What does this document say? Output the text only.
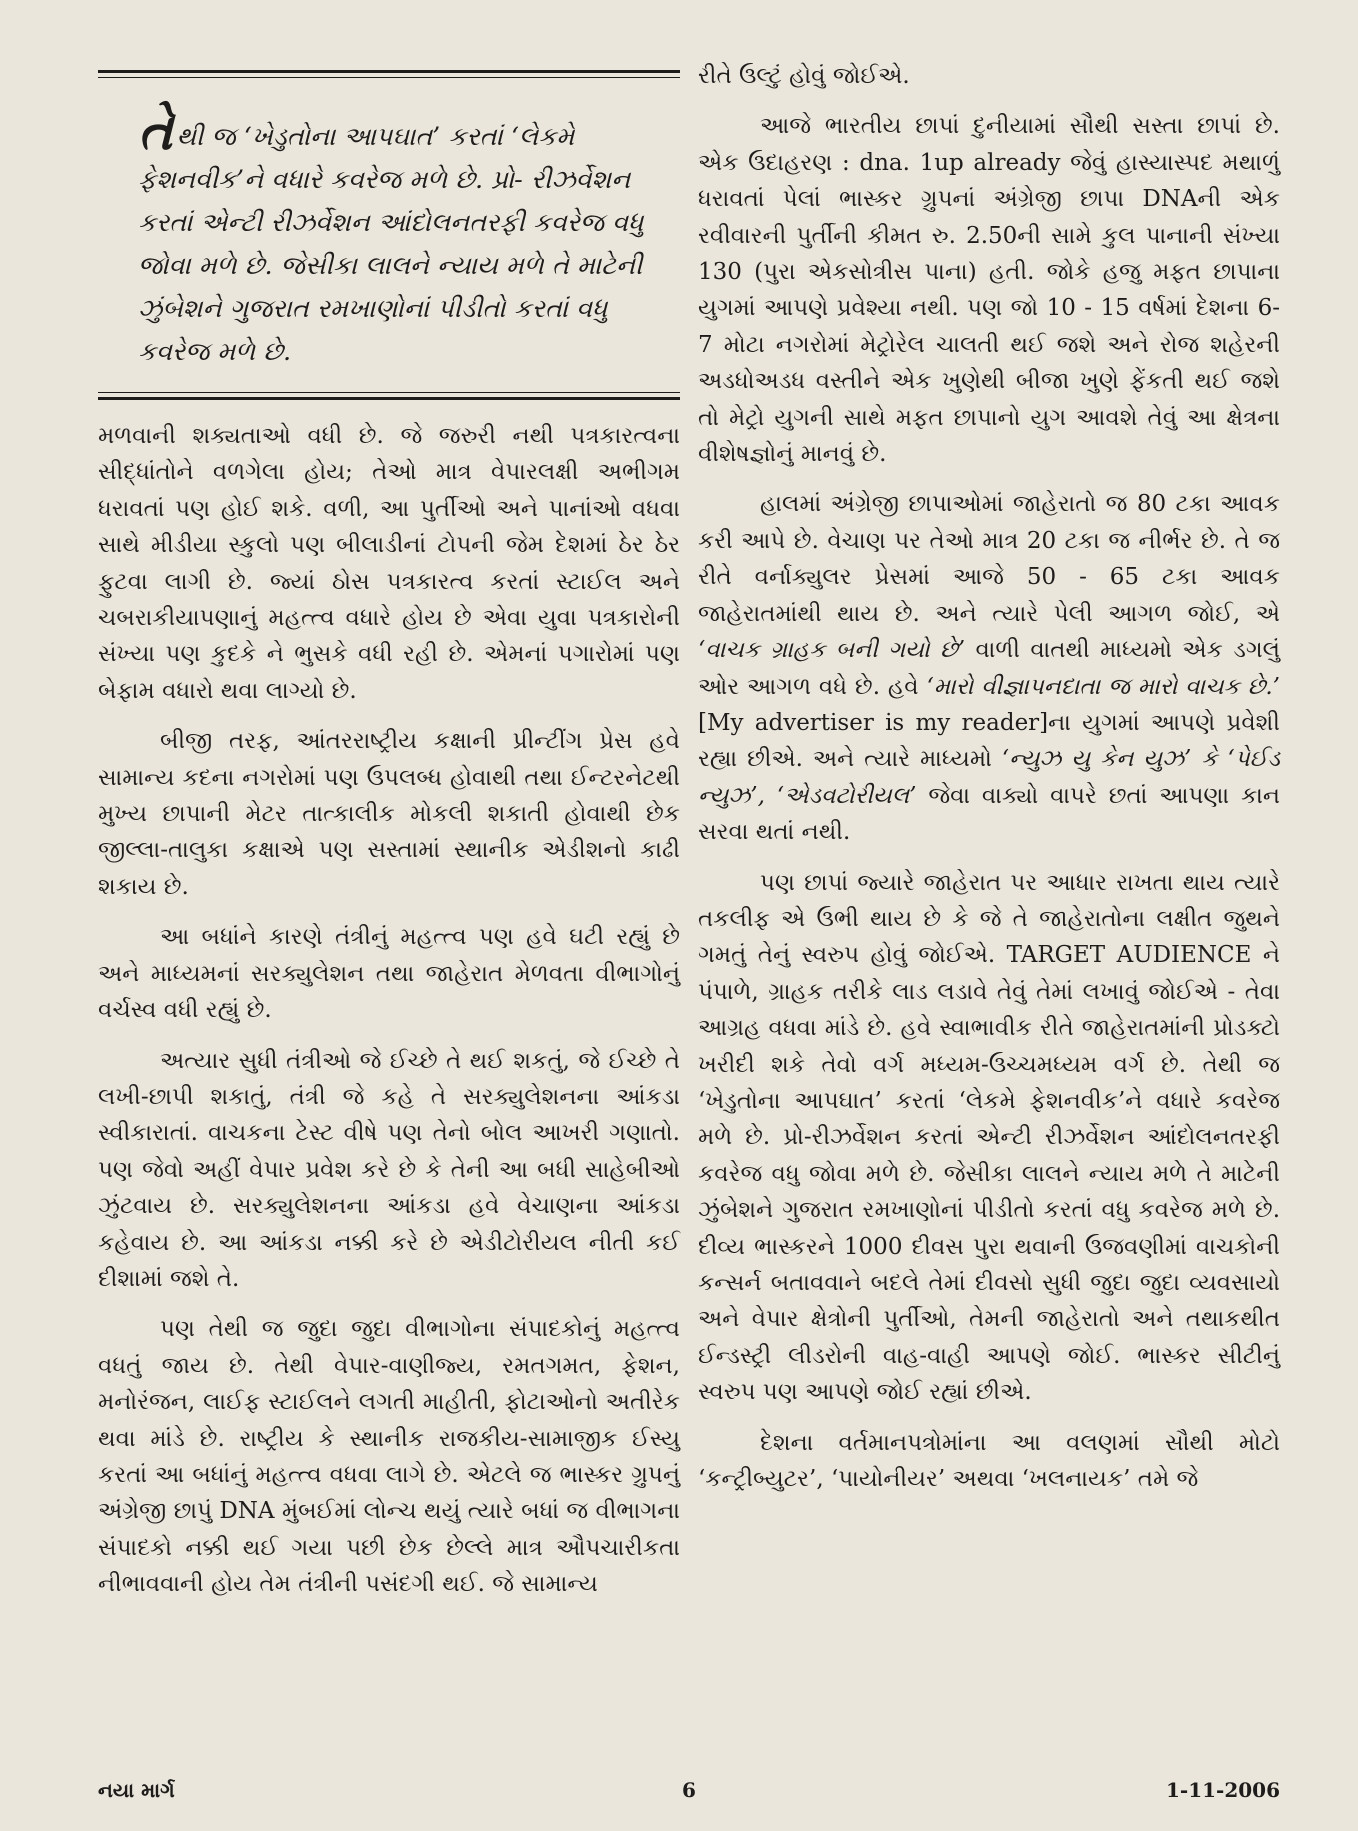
તેથી જ ‘ખેડુતોના આપઘાત’ કરતાં ‘લેકમે ફેશનવીક’ને વધારે કવરેજ મળે છે. પ્રો- રીઝર્વેશન કરતાં એન્ટી રીઝર્વેશન આંદોલનતરફી કવરેજ વધુ જોવા મળે છે. જેસીકા લાલને ન્યાય મળે તે માટેની ઝુંબેશને ગુજરાત રમખાણોનાં પીડીતો કરતાં વધુ કવરેજ મળે છે.

મળવાની શક્યતાઓ વધી છે. જે જરુરી નથી પત્રકારત્વના સીદ્ધાંતોને વળગેલા હોય; તેઓ માત્ર વેપારલક્ષી અભીગમ ધરાવતાં પણ હોઈ શકે. વળી, આ પુર્તીઓ અને પાનાંઓ વધવા સાથે મીડીયા સ્કુલો પણ બીલાડીનાં ટોપની જેમ દેશમાં ઠેર ઠેર ફુટવા લાગી છે. જ્યાં ઠોસ પત્રકારત્વ કરતાં સ્ટાઈલ અને ચબરાકીયાપણાનું મહત્ત્વ વધારે હોય છે એવા યુવા પત્રકારોની સંખ્યા પણ કુદકે ને ભુસકે વધી રહી છે. એમનાં પગારોમાં પણ બેફામ વધારો થવા લાગ્યો છે.

બીજી તરફ, આંતરરાષ્ટ્રીય કક્ષાની પ્રીન્ટીંગ પ્રેસ હવે સામાન્ય કદના નગરોમાં પણ ઉપલબ્ધ હોવાથી તથા ઈન્ટરનેટથી મુખ્ય છાપાની મેટર તાત્કાલીક મોકલી શકાતી હોવાથી છેક જીલ્લા-તાલુકા કક્ષાએ પણ સસ્તામાં સ્થાનીક એડીશનો કાઢી શકાય છે.

આ બધાંને કારણે તંત્રીનું મહત્ત્વ પણ હવે ઘટી રહ્યું છે અને માધ્યમનાં સરક્યુલેશન તથા જાહેરાત મેળવતા વીભાગોનું વર્ચસ્વ વધી રહ્યું છે.

અત્યાર સુધી તંત્રીઓ જે ઈચ્છે તે થઈ શકતું, જે ઈચ્છે તે લખી-છાપી શકાતું, તંત્રી જે કહે તે સરક્યુલેશનના આંકડા સ્વીકારાતાં. વાચકના ટેસ્ટ વીષે પણ તેનો બોલ આખરી ગણાતો. પણ જેવો અહીં વેપાર પ્રવેશ કરે છે કે તેની આ બધી સાહેબીઓ ઝુંટવાય છે. સરક્યુલેશનના આંકડા હવે વેચાણના આંકડા કહેવાય છે. આ આંકડા નક્કી કરે છે એડીટોરીયલ નીતી કઈ દીશામાં જશે તે.

પણ તેથી જ જુદા જુદા વીભાગોના સંપાદકોનું મહત્ત્વ વધતું જાય છે. તેથી વેપાર-વાણીજ્ય, રમતગમત, ફેશન, મનોરંજન, લાઈફ સ્ટાઈલને લગતી માહીતી, ફોટાઓનો અતીરેક થવા માંડે છે. રાષ્ટ્રીય કે સ્થાનીક રાજકીય-સામાજીક ઈસ્યુ કરતાં આ બધાંનું મહત્ત્વ વધવા લાગે છે. એટલે જ ભાસ્કર ગ્રુપનું અંગ્રેજી છાપું DNA મુંબઈમાં લોન્ચ થયું ત્યારે બધાં જ વીભાગના સંપાદકો નક્કી થઈ ગયા પછી છેક છેલ્લે માત્ર ઔપચારીકતા નીભાવવાની હોય તેમ તંત્રીની પસંદગી થઈ. જે સામાન્ય

રીતે ઉલ્ટું હોવું જોઈએ.

આજે ભારતીય છાપાં દુનીયામાં સૌથી સસ્તા છાપાં છે. એક ઉદાહરણ : dna. 1up already જેવું હાસ્યાસ્પદ મથાળું ધરાવતાં પેલાં ભાસ્કર ગ્રુપનાં અંગ્રેજી છાપા DNAની એક રવીવારની પુર્તીની કીમત રુ. 2.50ની સામે કુલ પાનાની સંખ્યા 130 (પુરા એકસોત્રીસ પાના) હતી. જોકે હજુ મફત છાપાના યુગમાં આપણે પ્રવેશ્યા નથી. પણ જો 10 - 15 વર્ષમાં દેશના 6-7 મોટા નગરોમાં મેટ્રોરેલ ચાલતી થઈ જશે અને રોજ શહેરની અડધોઅડધ વસ્તીને એક ખુણેથી બીજા ખુણે ફેંકતી થઈ જશે તો મેટ્રો યુગની સાથે મફત છાપાનો યુગ આવશે તેવું આ ક્ષેત્રના વીશેષજ્ઞોનું માનવું છે.

હાલમાં અંગ્રેજી છાપાઓમાં જાહેરાતો જ 80 ટકા આવક કરી આપે છે. વેચાણ પર તેઓ માત્ર 20 ટકા જ નીર્ભર છે. તે જ રીતે વર્નાક્યુલર પ્રેસમાં આજે 50 - 65 ટકા આવક જાહેરાતમાંથી થાય છે. અને ત્યારે પેલી આગળ જોઈ, એ ‘વાચક ગ્રાહક બની ગયો છે’ વાળી વાતથી માધ્યમો એક ડગલું ઓર આગળ વધે છે. હવે ‘મારો વીજ્ઞાપનદાતા જ મારો વાચક છે.’ [My advertiser is my reader]ના યુગમાં આપણે પ્રવેશી રહ્યા છીએ. અને ત્યારે માધ્યમો ‘ન્યુઝ યુ કેન યુઝ’ કે ‘પેઈડ ન્યુઝ’, ‘એડવટોરીયલ’ જેવા વાક્યો વાપરે છતાં આપણા કાન સરવા થતાં નથી.

પણ છાપાં જ્યારે જાહેરાત પર આધાર રાખતા થાય ત્યારે તકલીફ એ ઉભી થાય છે કે જે તે જાહેરાતોના લક્ષીત જુથને ગમતું તેનું સ્વરુપ હોવું જોઈએ. TARGET AUDIENCE ને પંપાળે, ગ્રાહક તરીકે લાડ લડાવે તેવું તેમાં લખાવું જોઈએ - તેવા આગ્રહ વધવા માંડે છે. હવે સ્વાભાવીક રીતે જાહેરાતમાંની પ્રોડક્ટો ખરીદી શકે તેવો વર્ગ મધ્યમ-ઉચ્ચમધ્યમ વર્ગ છે. તેથી જ ‘ખેડુતોના આપઘાત’ કરતાં ‘લેકમે ફેશનવીક’ને વધારે કવરેજ મળે છે. પ્રો-રીઝર્વેશન કરતાં એન્ટી રીઝર્વેશન આંદોલનતરફી કવરેજ વધુ જોવા મળે છે. જેસીકા લાલને ન્યાય મળે તે માટેની ઝુંબેશને ગુજરાત રમખાણોનાં પીડીતો કરતાં વધુ કવરેજ મળે છે. દીવ્ય ભાસ્કરને 1000 દીવસ પુરા થવાની ઉજવણીમાં વાચકોની કન્સર્ન બતાવવાને બદલે તેમાં દીવસો સુધી જુદા જુદા વ્યવસાયો અને વેપાર ક્ષેત્રોની પુર્તીઓ, તેમની જાહેરાતો અને તથાકથીત ઈન્ડસ્ટ્રી લીડરોની વાહ-વાહી આપણે જોઈ. ભાસ્કર સીટીનું સ્વરુપ પણ આપણે જોઈ રહ્યાં છીએ.

દેશના વર્તમાનપત્રોમાંના આ વલણમાં સૌથી મોટો ‘કન્ટ્રીબ્યુટર’, ‘પાયોનીયર’ અથવા ‘ખલનાયક’ તમે જે

નયા માર્ગ	6	1-11-2006
